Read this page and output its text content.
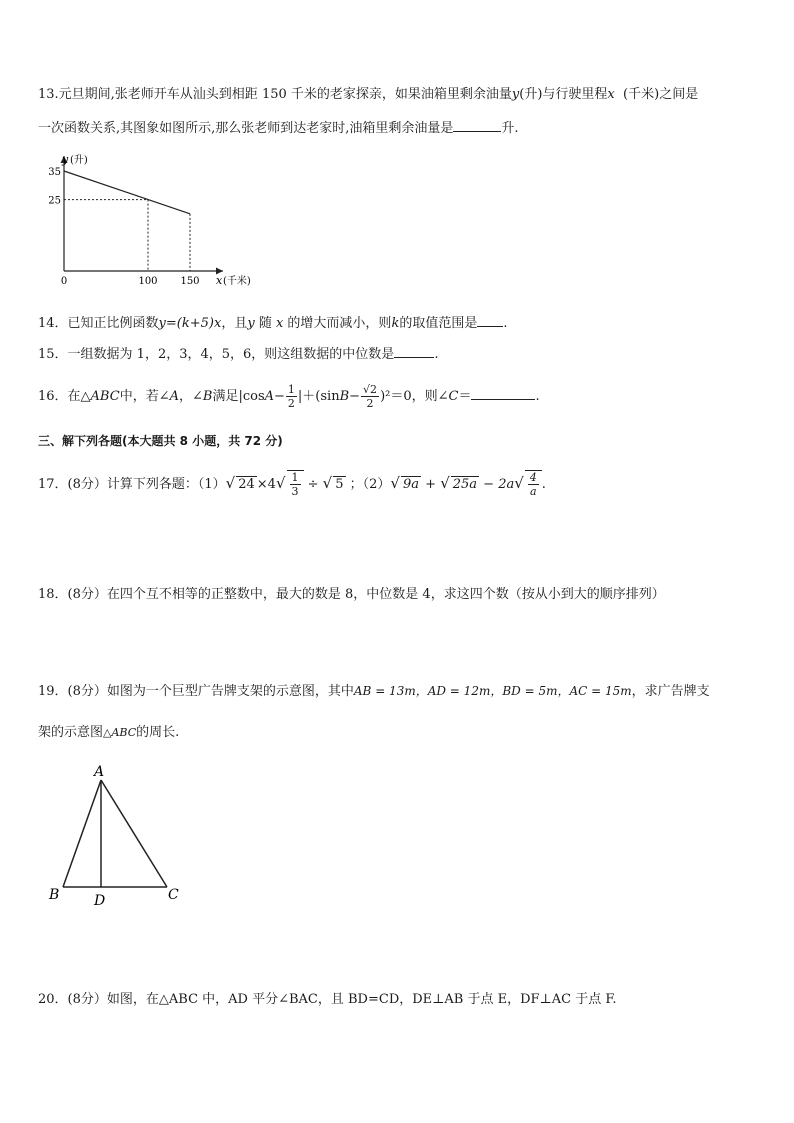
13.元旦期间,张老师开车从汕头到相距 150 千米的老家探亲，如果油箱里剩余油量y(升)与行驶里程x (千米)之间是
一次函数关系,其图象如图所示,那么张老师到达老家时,油箱里剩余油量是	升.
35
25
0	100 150
y (升)
x (千米)
14．已知正比例函数y=(k+5)x，且y 随 x 的增大而减小，则k的取值范围是 .
15．一组数据为 1，2，3，4，5，6，则这组数据的中位数是	.
16．在△ABC中，若∠A，∠B满足$|\cos A- \frac{1}{2} |+(\sin B- \frac{√2}{2} )^2=0$，则∠C＝	.
三、解下列各题(本大题共 8 小题，共 72 分)
17．(8分）计算下列各题：（1）√ $24 \times 4√ \frac{1}{3}$ ÷ √ 5 ；（2）√ 9a + √ $25a - 2a√ \frac{4}{a}$ .
18．(8分）在四个互不相等的正整数中，最大的数是 8，中位数是 4，求这四个数（按从小到大的顺序排列）
19．(8分）如图为一个巨型广告牌支架的示意图，其中AB = 13m，AD = 12m，BD = 5m，AC = 15m，求广告牌支
架的示意图△ABC的周长.
A
B	C
D
20．(8分）如图，在△ABC 中，AD 平分∠BAC，且 BD=CD，DE⊥AB 于点 E，DF⊥AC 于点 F.
